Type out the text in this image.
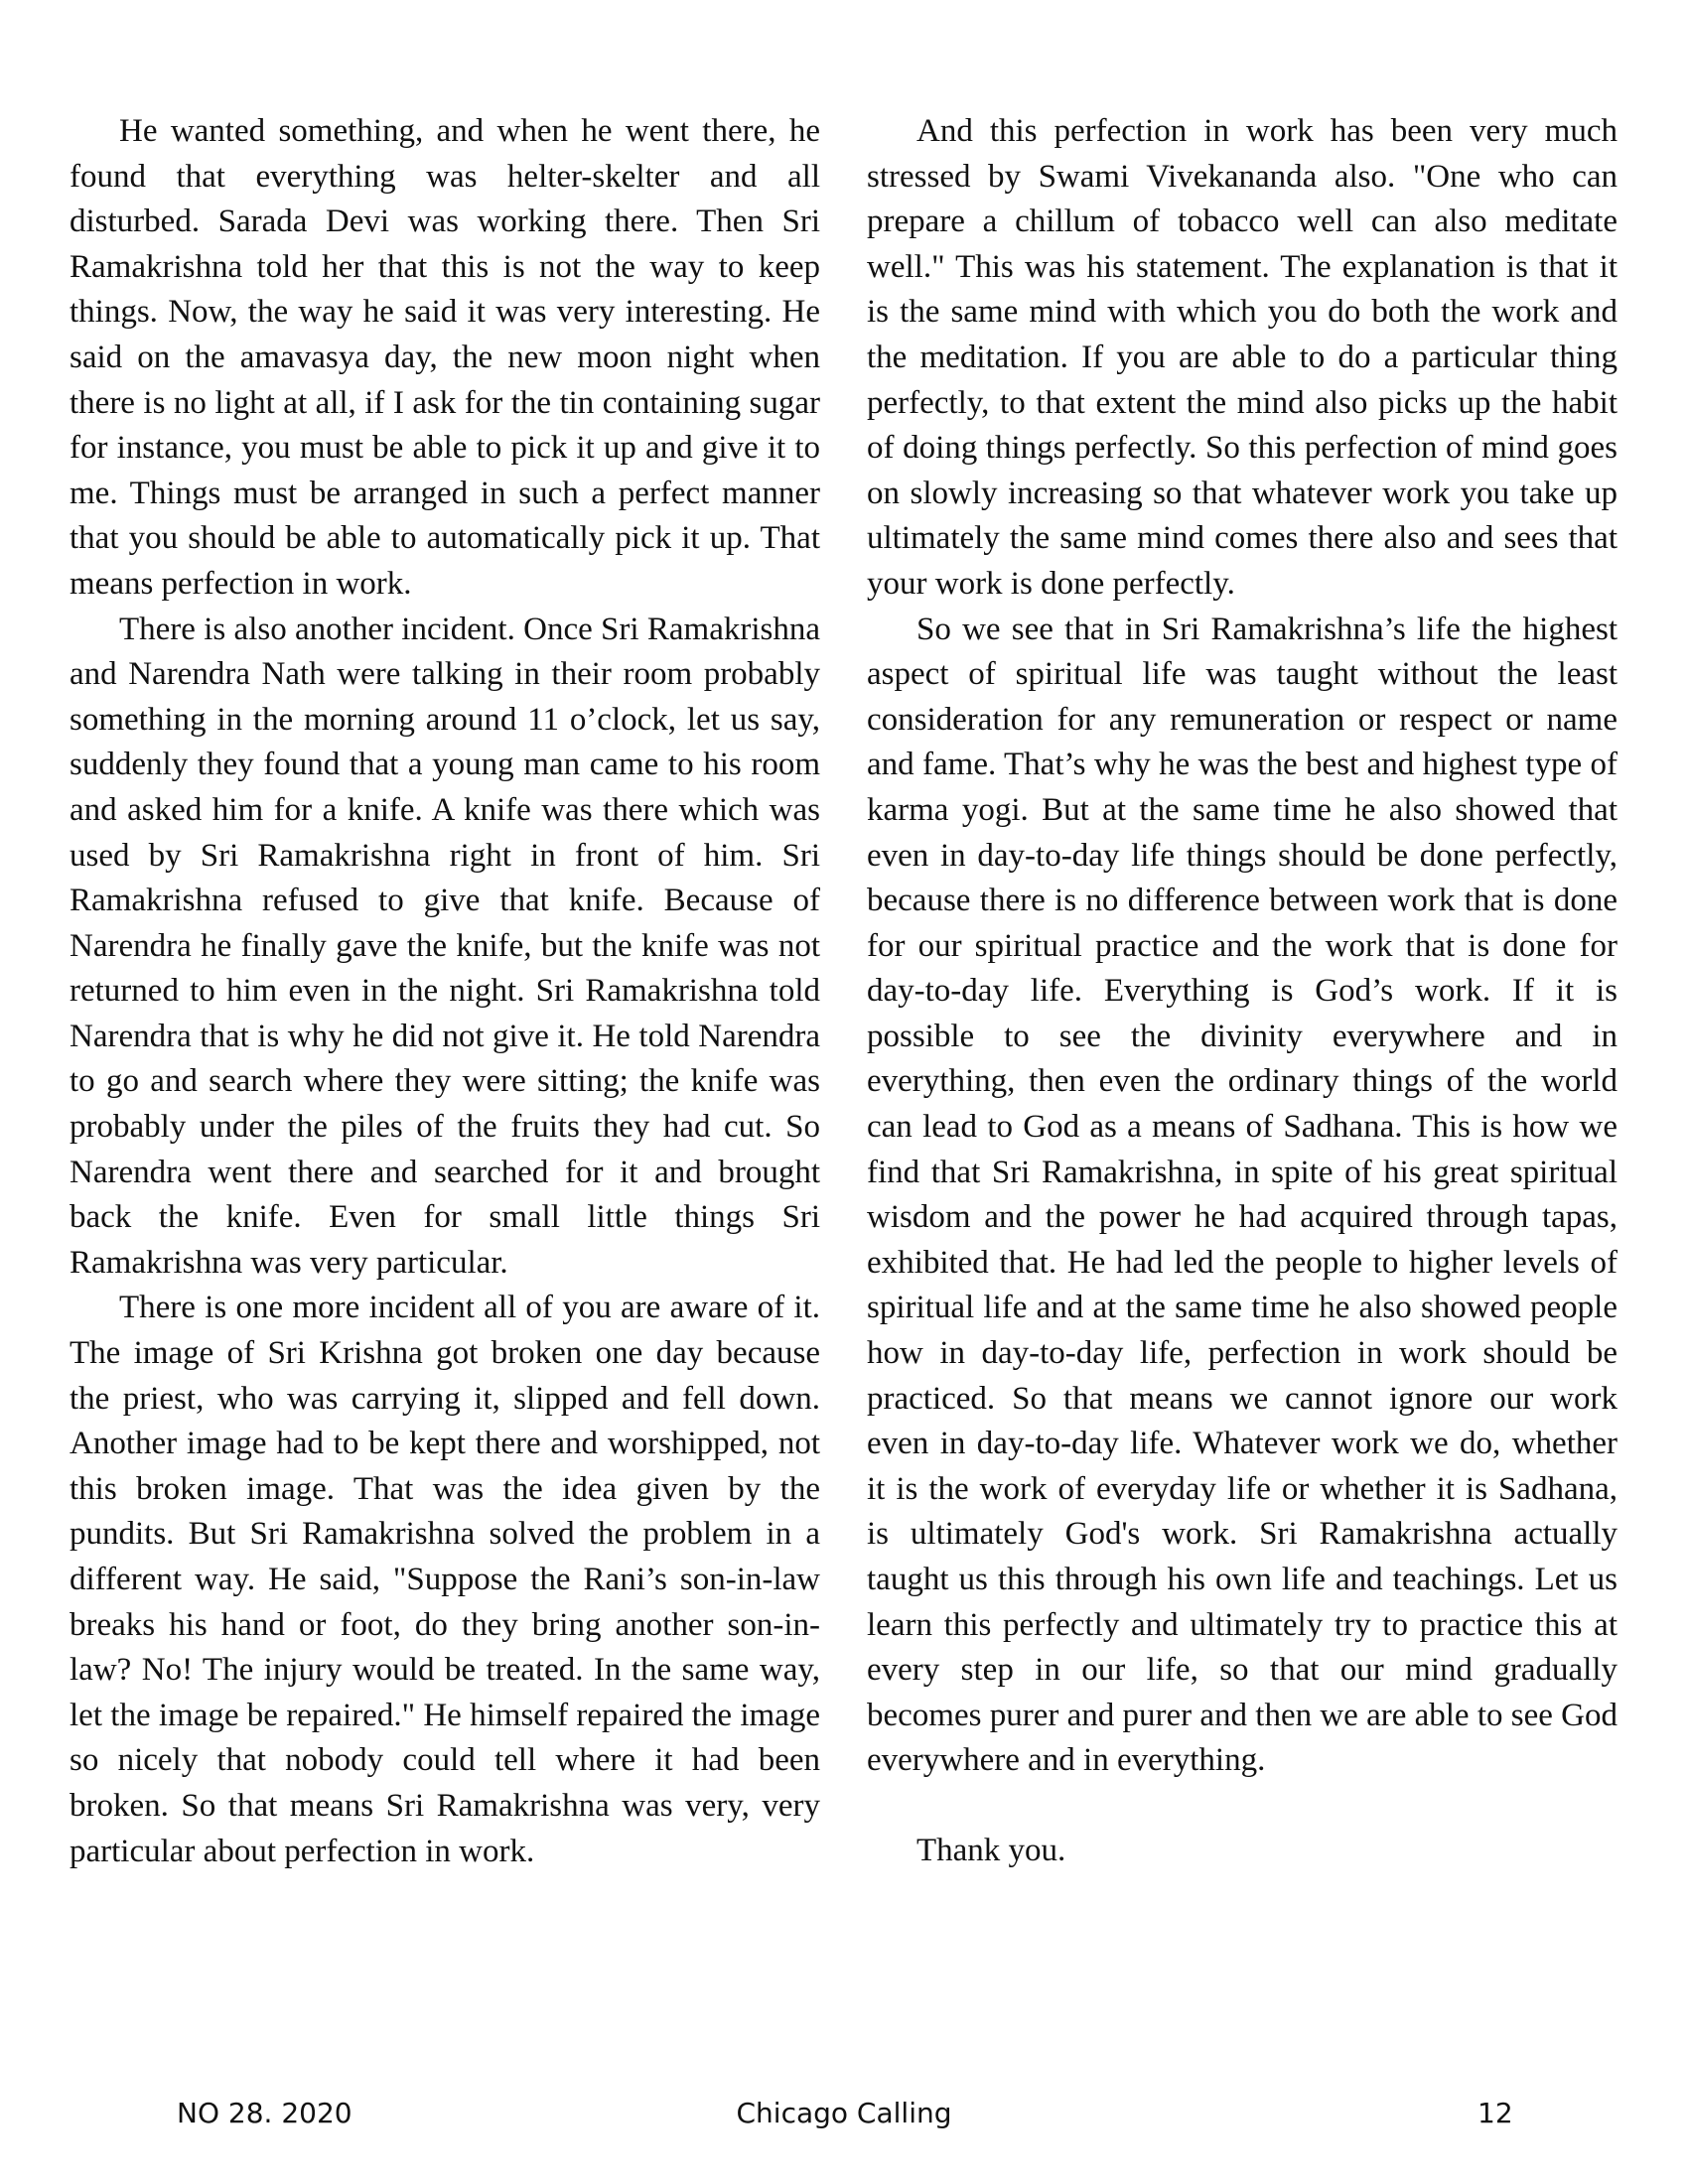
He wanted something, and when he went there, he found that everything was helter-skelter and all disturbed. Sarada Devi was working there. Then Sri Ramakrishna told her that this is not the way to keep things. Now, the way he said it was very interesting. He said on the amavasya day, the new moon night when there is no light at all, if I ask for the tin containing sugar for instance, you must be able to pick it up and give it to me. Things must be arranged in such a perfect manner that you should be able to automatically pick it up. That means perfection in work.

There is also another incident. Once Sri Ramakrishna and Narendra Nath were talking in their room probably something in the morning around 11 o’clock, let us say, suddenly they found that a young man came to his room and asked him for a knife. A knife was there which was used by Sri Ramakrishna right in front of him. Sri Ramakrishna refused to give that knife. Because of Narendra he finally gave the knife, but the knife was not returned to him even in the night. Sri Ramakrishna told Narendra that is why he did not give it. He told Narendra to go and search where they were sitting; the knife was probably under the piles of the fruits they had cut. So Narendra went there and searched for it and brought back the knife. Even for small little things Sri Ramakrishna was very particular.

There is one more incident all of you are aware of it. The image of Sri Krishna got broken one day because the priest, who was carrying it, slipped and fell down. Another image had to be kept there and worshipped, not this broken image. That was the idea given by the pundits. But Sri Ramakrishna solved the problem in a different way. He said, "Suppose the Rani’s son-in-law breaks his hand or foot, do they bring another son-in-law? No! The injury would be treated. In the same way, let the image be repaired." He himself repaired the image so nicely that nobody could tell where it had been broken. So that means Sri Ramakrishna was very, very particular about perfection in work.

And this perfection in work has been very much stressed by Swami Vivekananda also. "One who can prepare a chillum of tobacco well can also meditate well." This was his statement. The explanation is that it is the same mind with which you do both the work and the meditation. If you are able to do a particular thing perfectly, to that extent the mind also picks up the habit of doing things perfectly. So this perfection of mind goes on slowly increasing so that whatever work you take up ultimately the same mind comes there also and sees that your work is done perfectly.

So we see that in Sri Ramakrishna’s life the highest aspect of spiritual life was taught without the least consideration for any remuneration or respect or name and fame. That’s why he was the best and highest type of karma yogi. But at the same time he also showed that even in day-to-day life things should be done perfectly, because there is no difference between work that is done for our spiritual practice and the work that is done for day-to-day life. Everything is God’s work. If it is possible to see the divinity everywhere and in everything, then even the ordinary things of the world can lead to God as a means of Sadhana. This is how we find that Sri Ramakrishna, in spite of his great spiritual wisdom and the power he had acquired through tapas, exhibited that. He had led the people to higher levels of spiritual life and at the same time he also showed people how in day-to-day life, perfection in work should be practiced. So that means we cannot ignore our work even in day-to-day life. Whatever work we do, whether it is the work of everyday life or whether it is Sadhana, is ultimately God's work. Sri Ramakrishna actually taught us this through his own life and teachings. Let us learn this perfectly and ultimately try to practice this at every step in our life, so that our mind gradually becomes purer and purer and then we are able to see God everywhere and in everything.

Thank you.

NO 28. 2020	Chicago Calling	12
